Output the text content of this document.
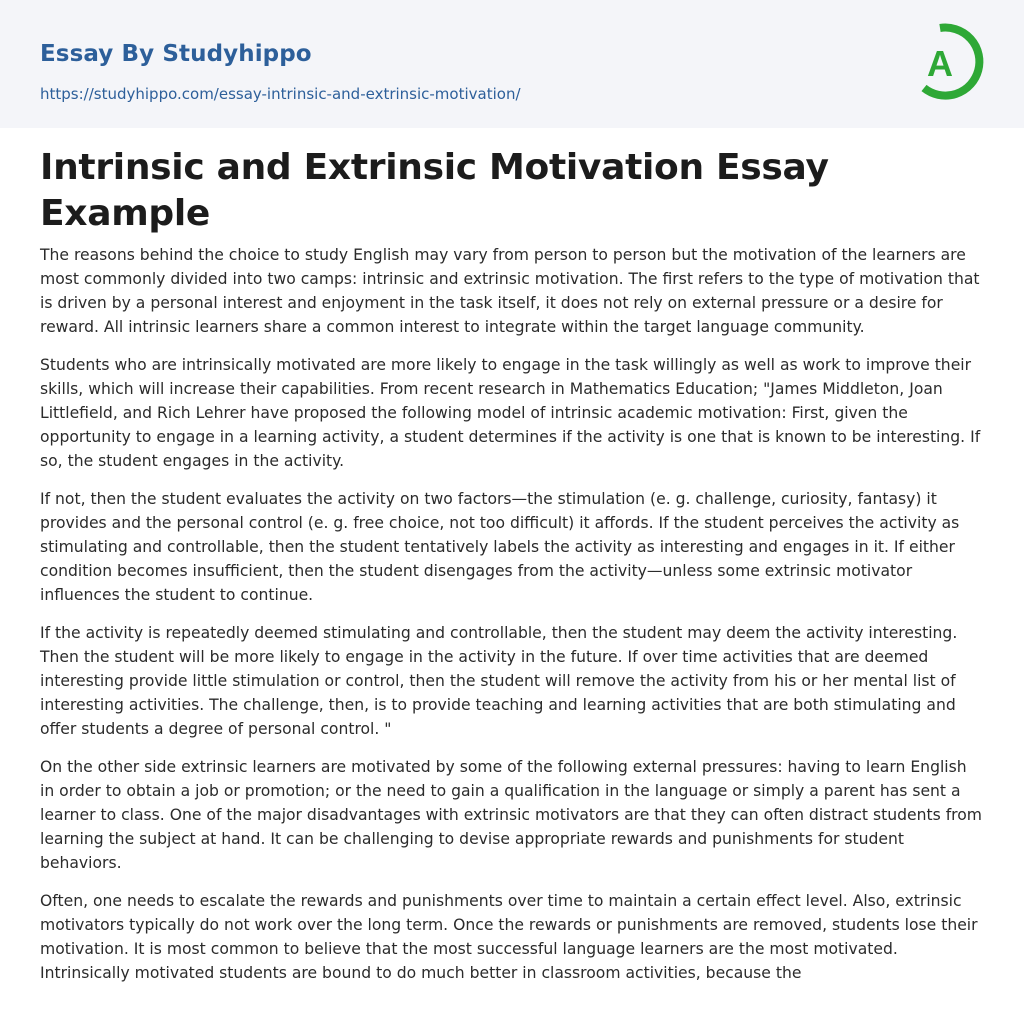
Essay By Studyhippo
https://studyhippo.com/essay-intrinsic-and-extrinsic-motivation/
A
Intrinsic and Extrinsic Motivation Essay Example

The reasons behind the choice to study English may vary from person to person but the motivation of the learners are most commonly divided into two camps: intrinsic and extrinsic motivation. The first refers to the type of motivation that is driven by a personal interest and enjoyment in the task itself, it does not rely on external pressure or a desire for reward. All intrinsic learners share a common interest to integrate within the target language community.

Students who are intrinsically motivated are more likely to engage in the task willingly as well as work to improve their skills, which will increase their capabilities. From recent research in Mathematics Education; "James Middleton, Joan Littlefield, and Rich Lehrer have proposed the following model of intrinsic academic motivation: First, given the opportunity to engage in a learning activity, a student determines if the activity is one that is known to be interesting. If so, the student engages in the activity.

If not, then the student evaluates the activity on two factors—the stimulation (e. g. challenge, curiosity, fantasy) it provides and the personal control (e. g. free choice, not too difficult) it affords. If the student perceives the activity as stimulating and controllable, then the student tentatively labels the activity as interesting and engages in it. If either condition becomes insufficient, then the student disengages from the activity—unless some extrinsic motivator influences the student to continue.

If the activity is repeatedly deemed stimulating and controllable, then the student may deem the activity interesting. Then the student will be more likely to engage in the activity in the future. If over time activities that are deemed interesting provide little stimulation or control, then the student will remove the activity from his or her mental list of interesting activities. The challenge, then, is to provide teaching and learning activities that are both stimulating and offer students a degree of personal control. "

On the other side extrinsic learners are motivated by some of the following external pressures: having to learn English in order to obtain a job or promotion; or the need to gain a qualification in the language or simply a parent has sent a learner to class. One of the major disadvantages with extrinsic motivators are that they can often distract students from learning the subject at hand. It can be challenging to devise appropriate rewards and punishments for student behaviors.

Often, one needs to escalate the rewards and punishments over time to maintain a certain effect level. Also, extrinsic motivators typically do not work over the long term. Once the rewards or punishments are removed, students lose their motivation. It is most common to believe that the most successful language learners are the most motivated. Intrinsically motivated students are bound to do much better in classroom activities, because the
